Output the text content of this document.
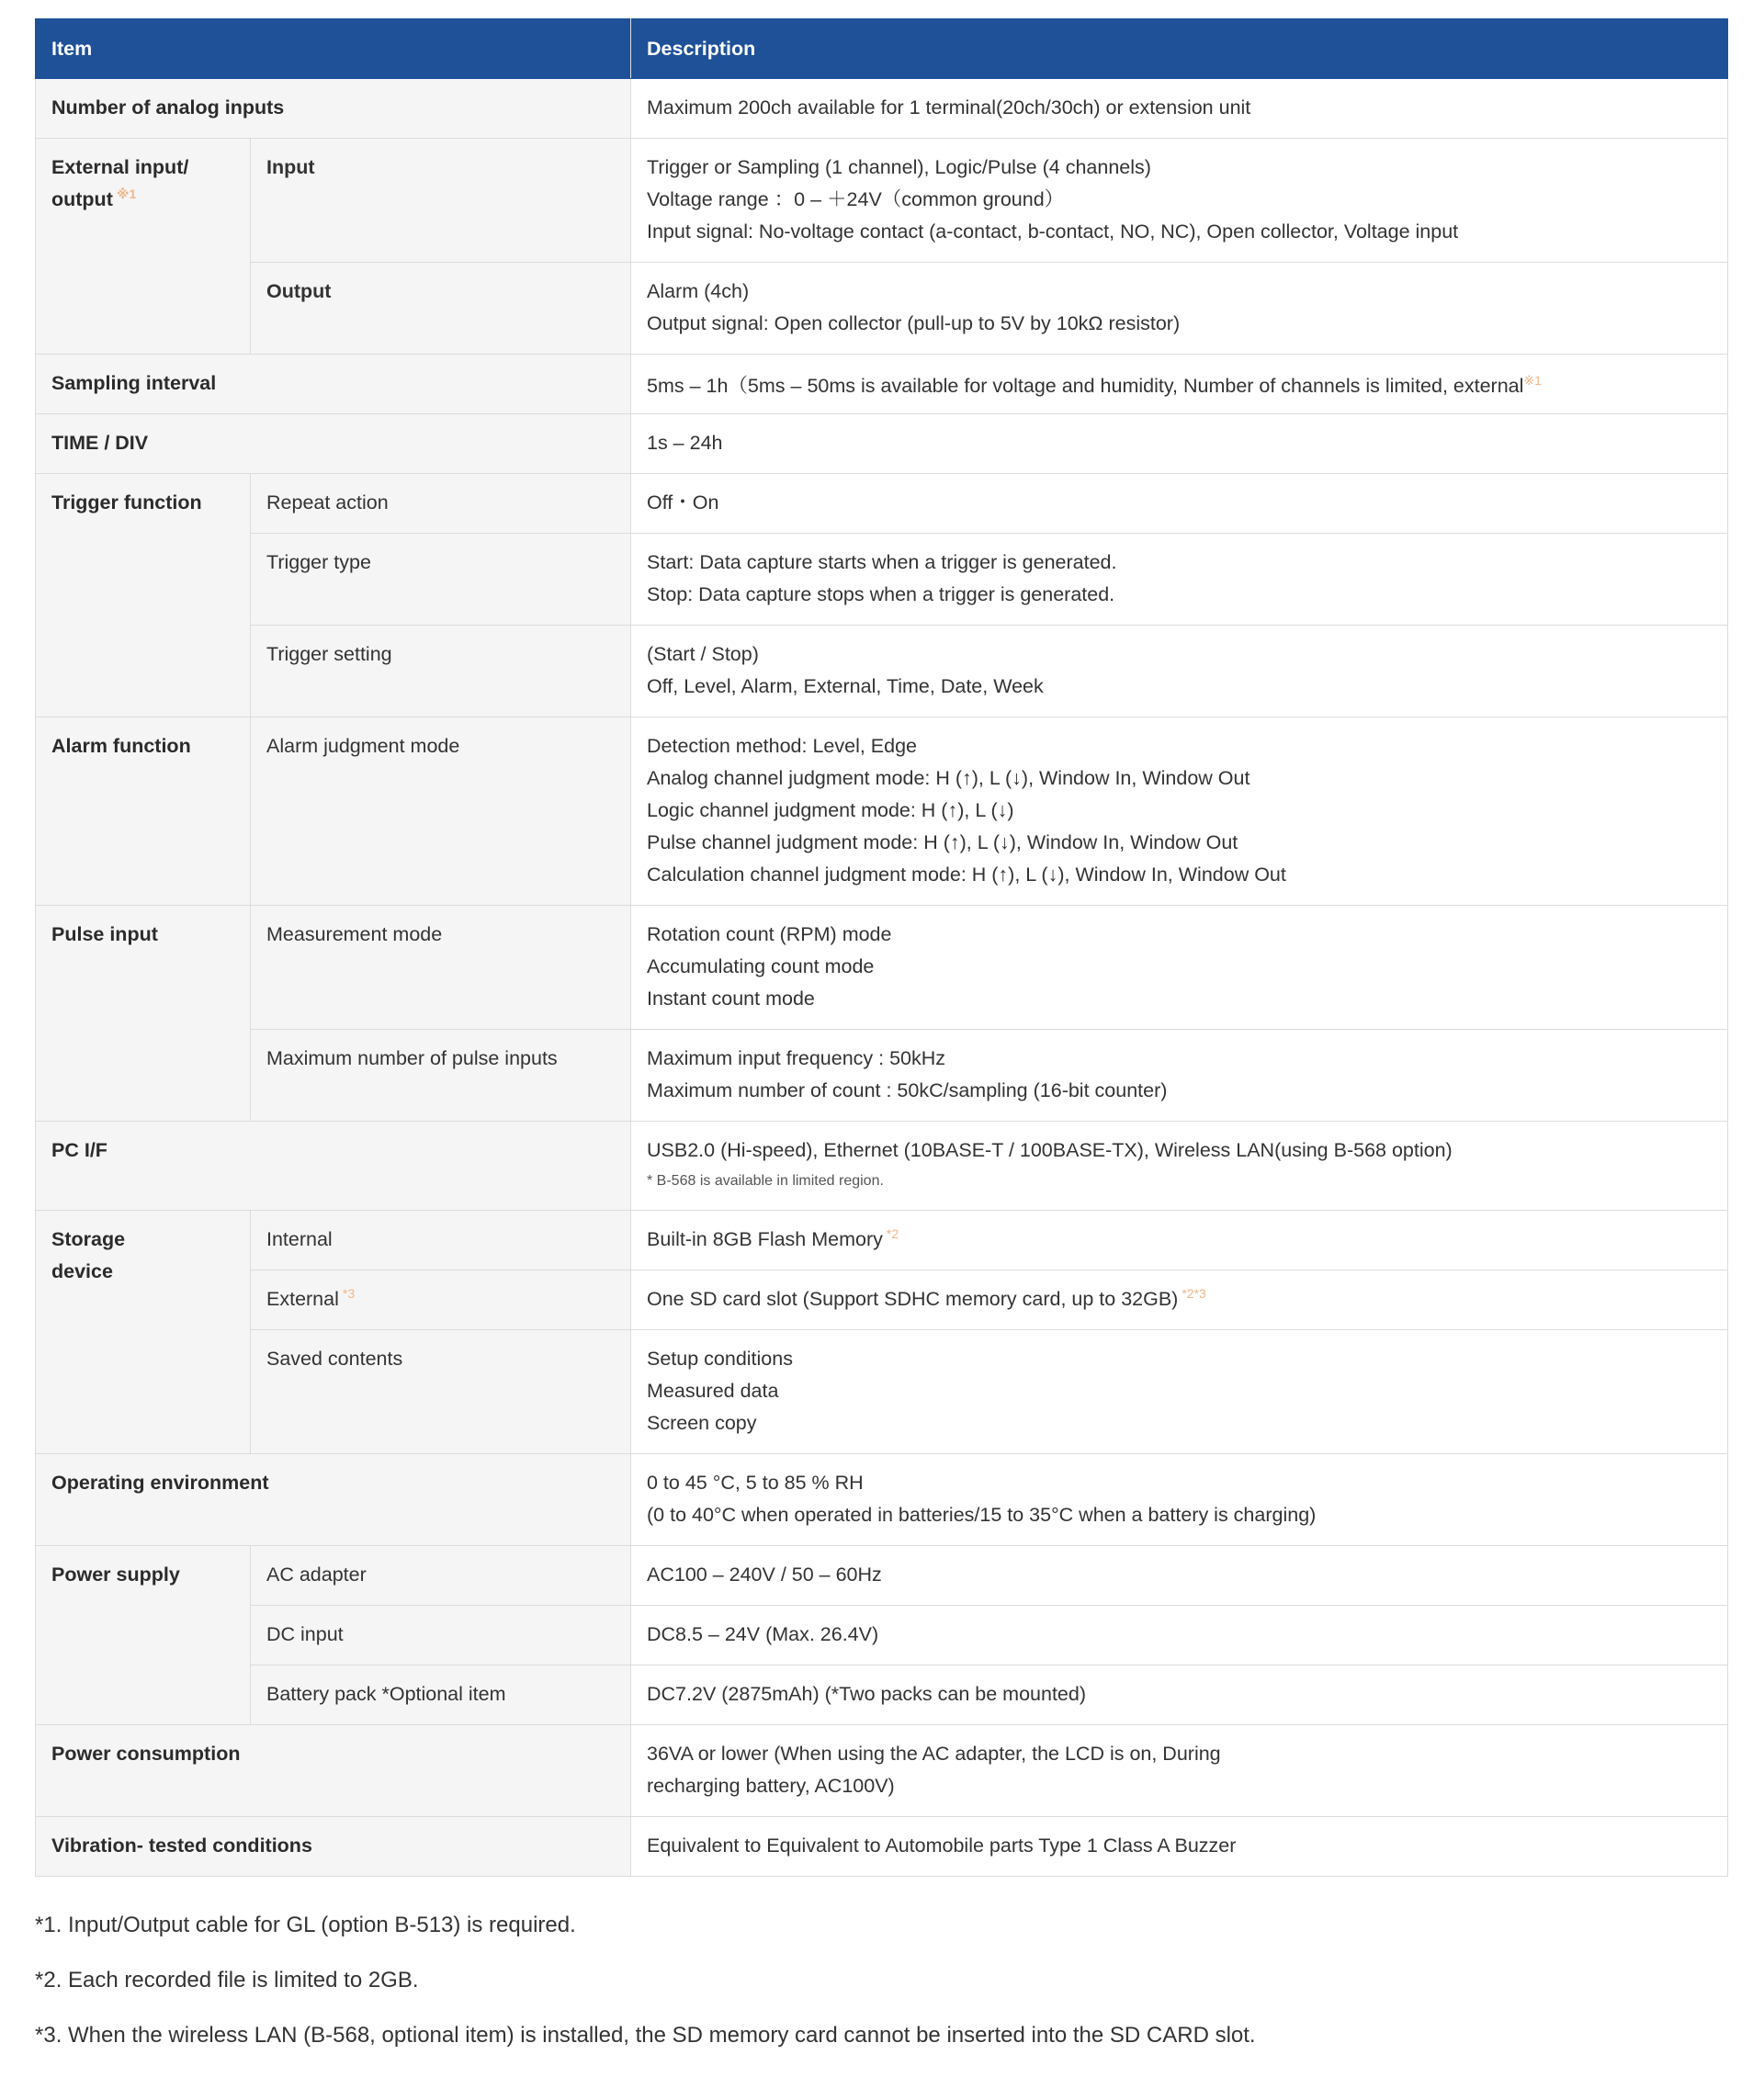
Item		Description
Number of analog inputs		Maximum 200ch available for 1 terminal(20ch/30ch) or extension unit

External input/
output $^{※1}$	Input	Trigger or Sampling (1 channel), Logic/Pulse (4 channels)
Voltage range ：0 – ＋24V（common ground）
Input signal: No-voltage contact (a-contact, b-contact, NO, NC), Open collector, Voltage input

	Output	Alarm (4ch)
Output signal: Open collector (pull-up to 5V by 10kΩ resistor)

Sampling interval		5ms – 1h（5ms – 50ms is available for voltage and humidity, Number of channels is limited, external$^{※1}$
TIME / DIV		1s – 24h
Trigger function	Repeat action	Off・On
	Trigger type	Start: Data capture starts when a trigger is generated.
Stop: Data capture stops when a trigger is generated.

	Trigger setting	(Start / Stop)
Off, Level, Alarm, External, Time, Date, Week

Alarm function	Alarm judgment mode	Detection method: Level, Edge
Analog channel judgment mode: H (↑), L (↓), Window In, Window Out
Logic channel judgment mode: H (↑), L (↓)
Pulse channel judgment mode: H (↑), L (↓), Window In, Window Out
Calculation channel judgment mode: H (↑), L (↓), Window In, Window Out

Pulse input	Measurement mode	Rotation count (RPM) mode
Accumulating count mode
Instant count mode

	Maximum number of pulse inputs	Maximum input frequency : 50kHz
Maximum number of count : 50kC/sampling (16-bit counter)

PC I/F		USB2.0 (Hi-speed), Ethernet (10BASE-T / 100BASE-TX), Wireless LAN(using B-568 option)
* B-568 is available in limited region.

Storage
device	Internal	Built-in 8GB Flash Memory $^{*2}$
	External $^{*3}$	One SD card slot (Support SDHC memory card, up to 32GB) $^{*2*3}$
	Saved contents	Setup conditions
Measured data
Screen copy

Operating environment		0 to 45 °C, 5 to 85 % RH
(0 to 40°C when operated in batteries/15 to 35°C when a battery is charging)

Power supply	AC adapter	AC100 – 240V / 50 – 60Hz
	DC input	DC8.5 – 24V (Max. 26.4V)
	Battery pack *Optional item	DC7.2V (2875mAh) (*Two packs can be mounted)
Power consumption		36VA or lower (When using the AC adapter, the LCD is on, During
recharging battery, AC100V)

Vibration- tested conditions		Equivalent to Equivalent to Automobile parts Type 1 Class A Buzzer

*1. Input/Output cable for GL (option B-513) is required.

*2. Each recorded file is limited to 2GB.

*3. When the wireless LAN (B-568, optional item) is installed, the SD memory card cannot be inserted into the SD CARD slot.
